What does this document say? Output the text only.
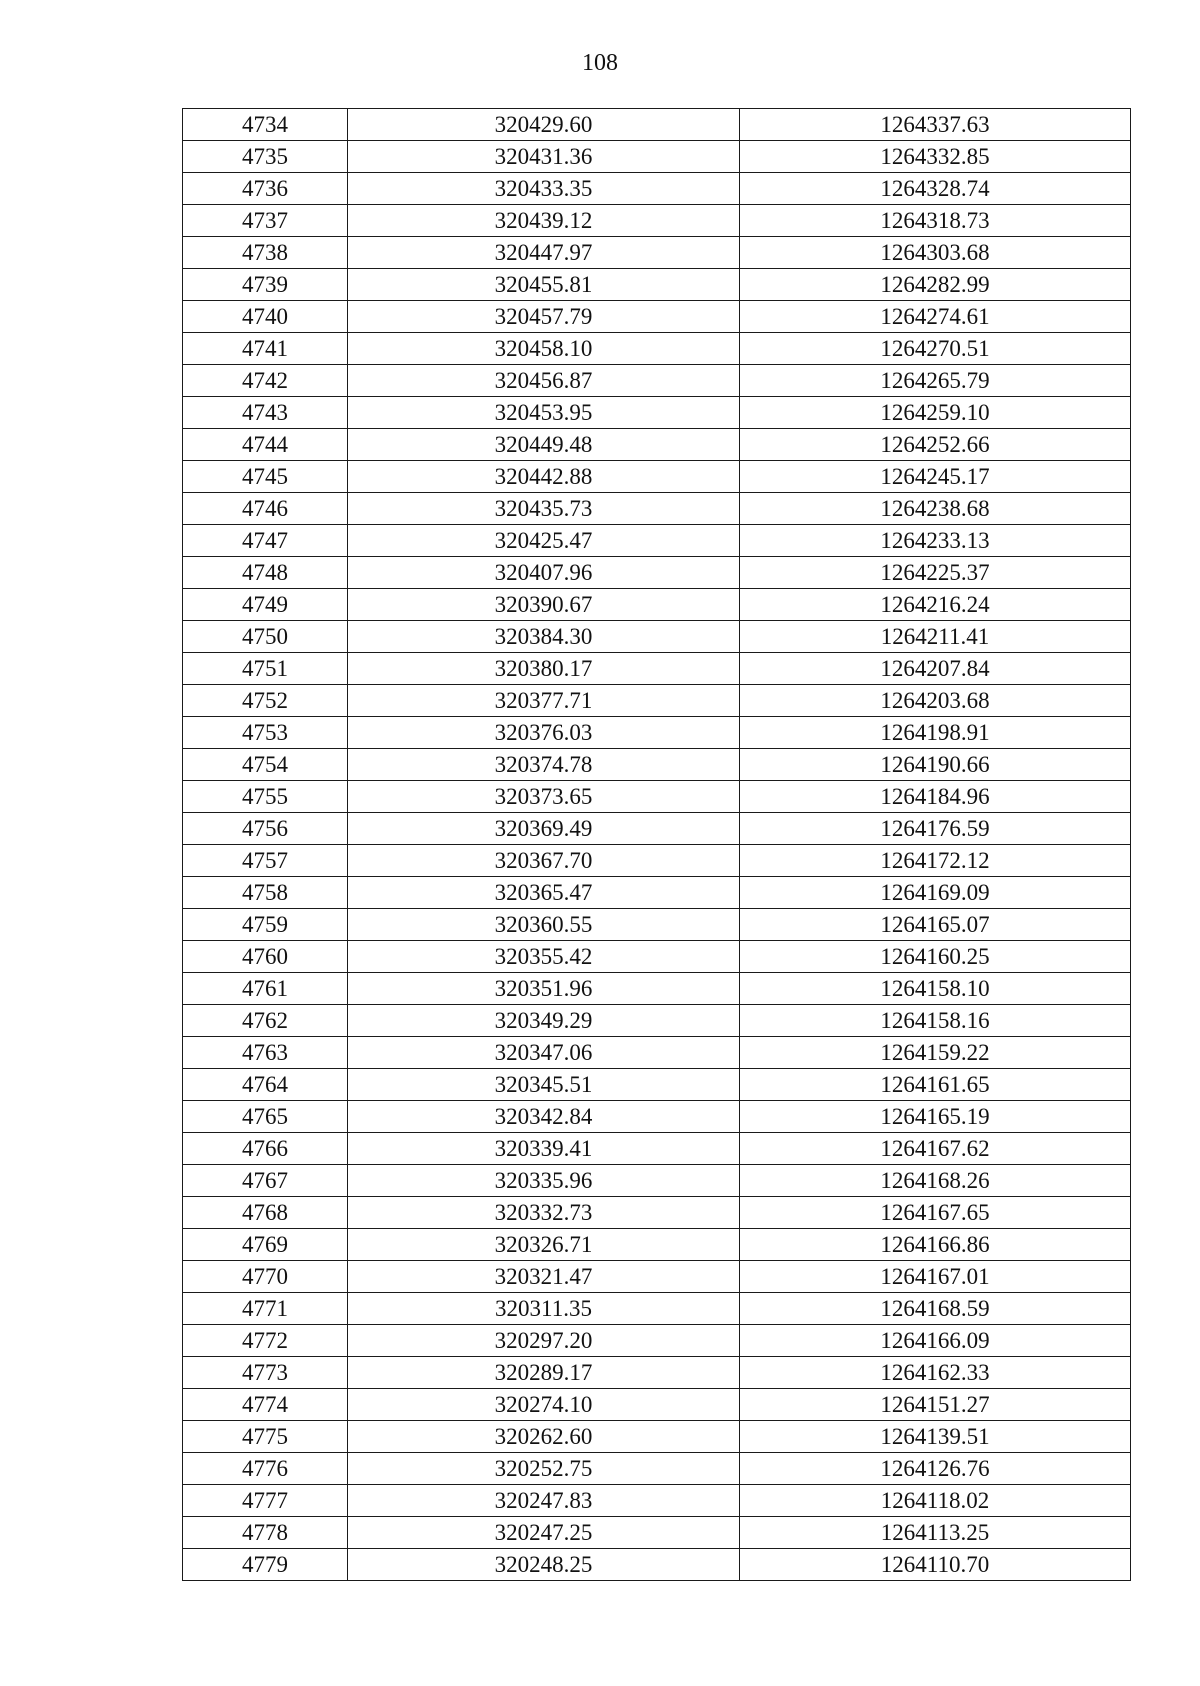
108
4734	320429.60	1264337.63
4735	320431.36	1264332.85
4736	320433.35	1264328.74
4737	320439.12	1264318.73
4738	320447.97	1264303.68
4739	320455.81	1264282.99
4740	320457.79	1264274.61
4741	320458.10	1264270.51
4742	320456.87	1264265.79
4743	320453.95	1264259.10
4744	320449.48	1264252.66
4745	320442.88	1264245.17
4746	320435.73	1264238.68
4747	320425.47	1264233.13
4748	320407.96	1264225.37
4749	320390.67	1264216.24
4750	320384.30	1264211.41
4751	320380.17	1264207.84
4752	320377.71	1264203.68
4753	320376.03	1264198.91
4754	320374.78	1264190.66
4755	320373.65	1264184.96
4756	320369.49	1264176.59
4757	320367.70	1264172.12
4758	320365.47	1264169.09
4759	320360.55	1264165.07
4760	320355.42	1264160.25
4761	320351.96	1264158.10
4762	320349.29	1264158.16
4763	320347.06	1264159.22
4764	320345.51	1264161.65
4765	320342.84	1264165.19
4766	320339.41	1264167.62
4767	320335.96	1264168.26
4768	320332.73	1264167.65
4769	320326.71	1264166.86
4770	320321.47	1264167.01
4771	320311.35	1264168.59
4772	320297.20	1264166.09
4773	320289.17	1264162.33
4774	320274.10	1264151.27
4775	320262.60	1264139.51
4776	320252.75	1264126.76
4777	320247.83	1264118.02
4778	320247.25	1264113.25
4779	320248.25	1264110.70
